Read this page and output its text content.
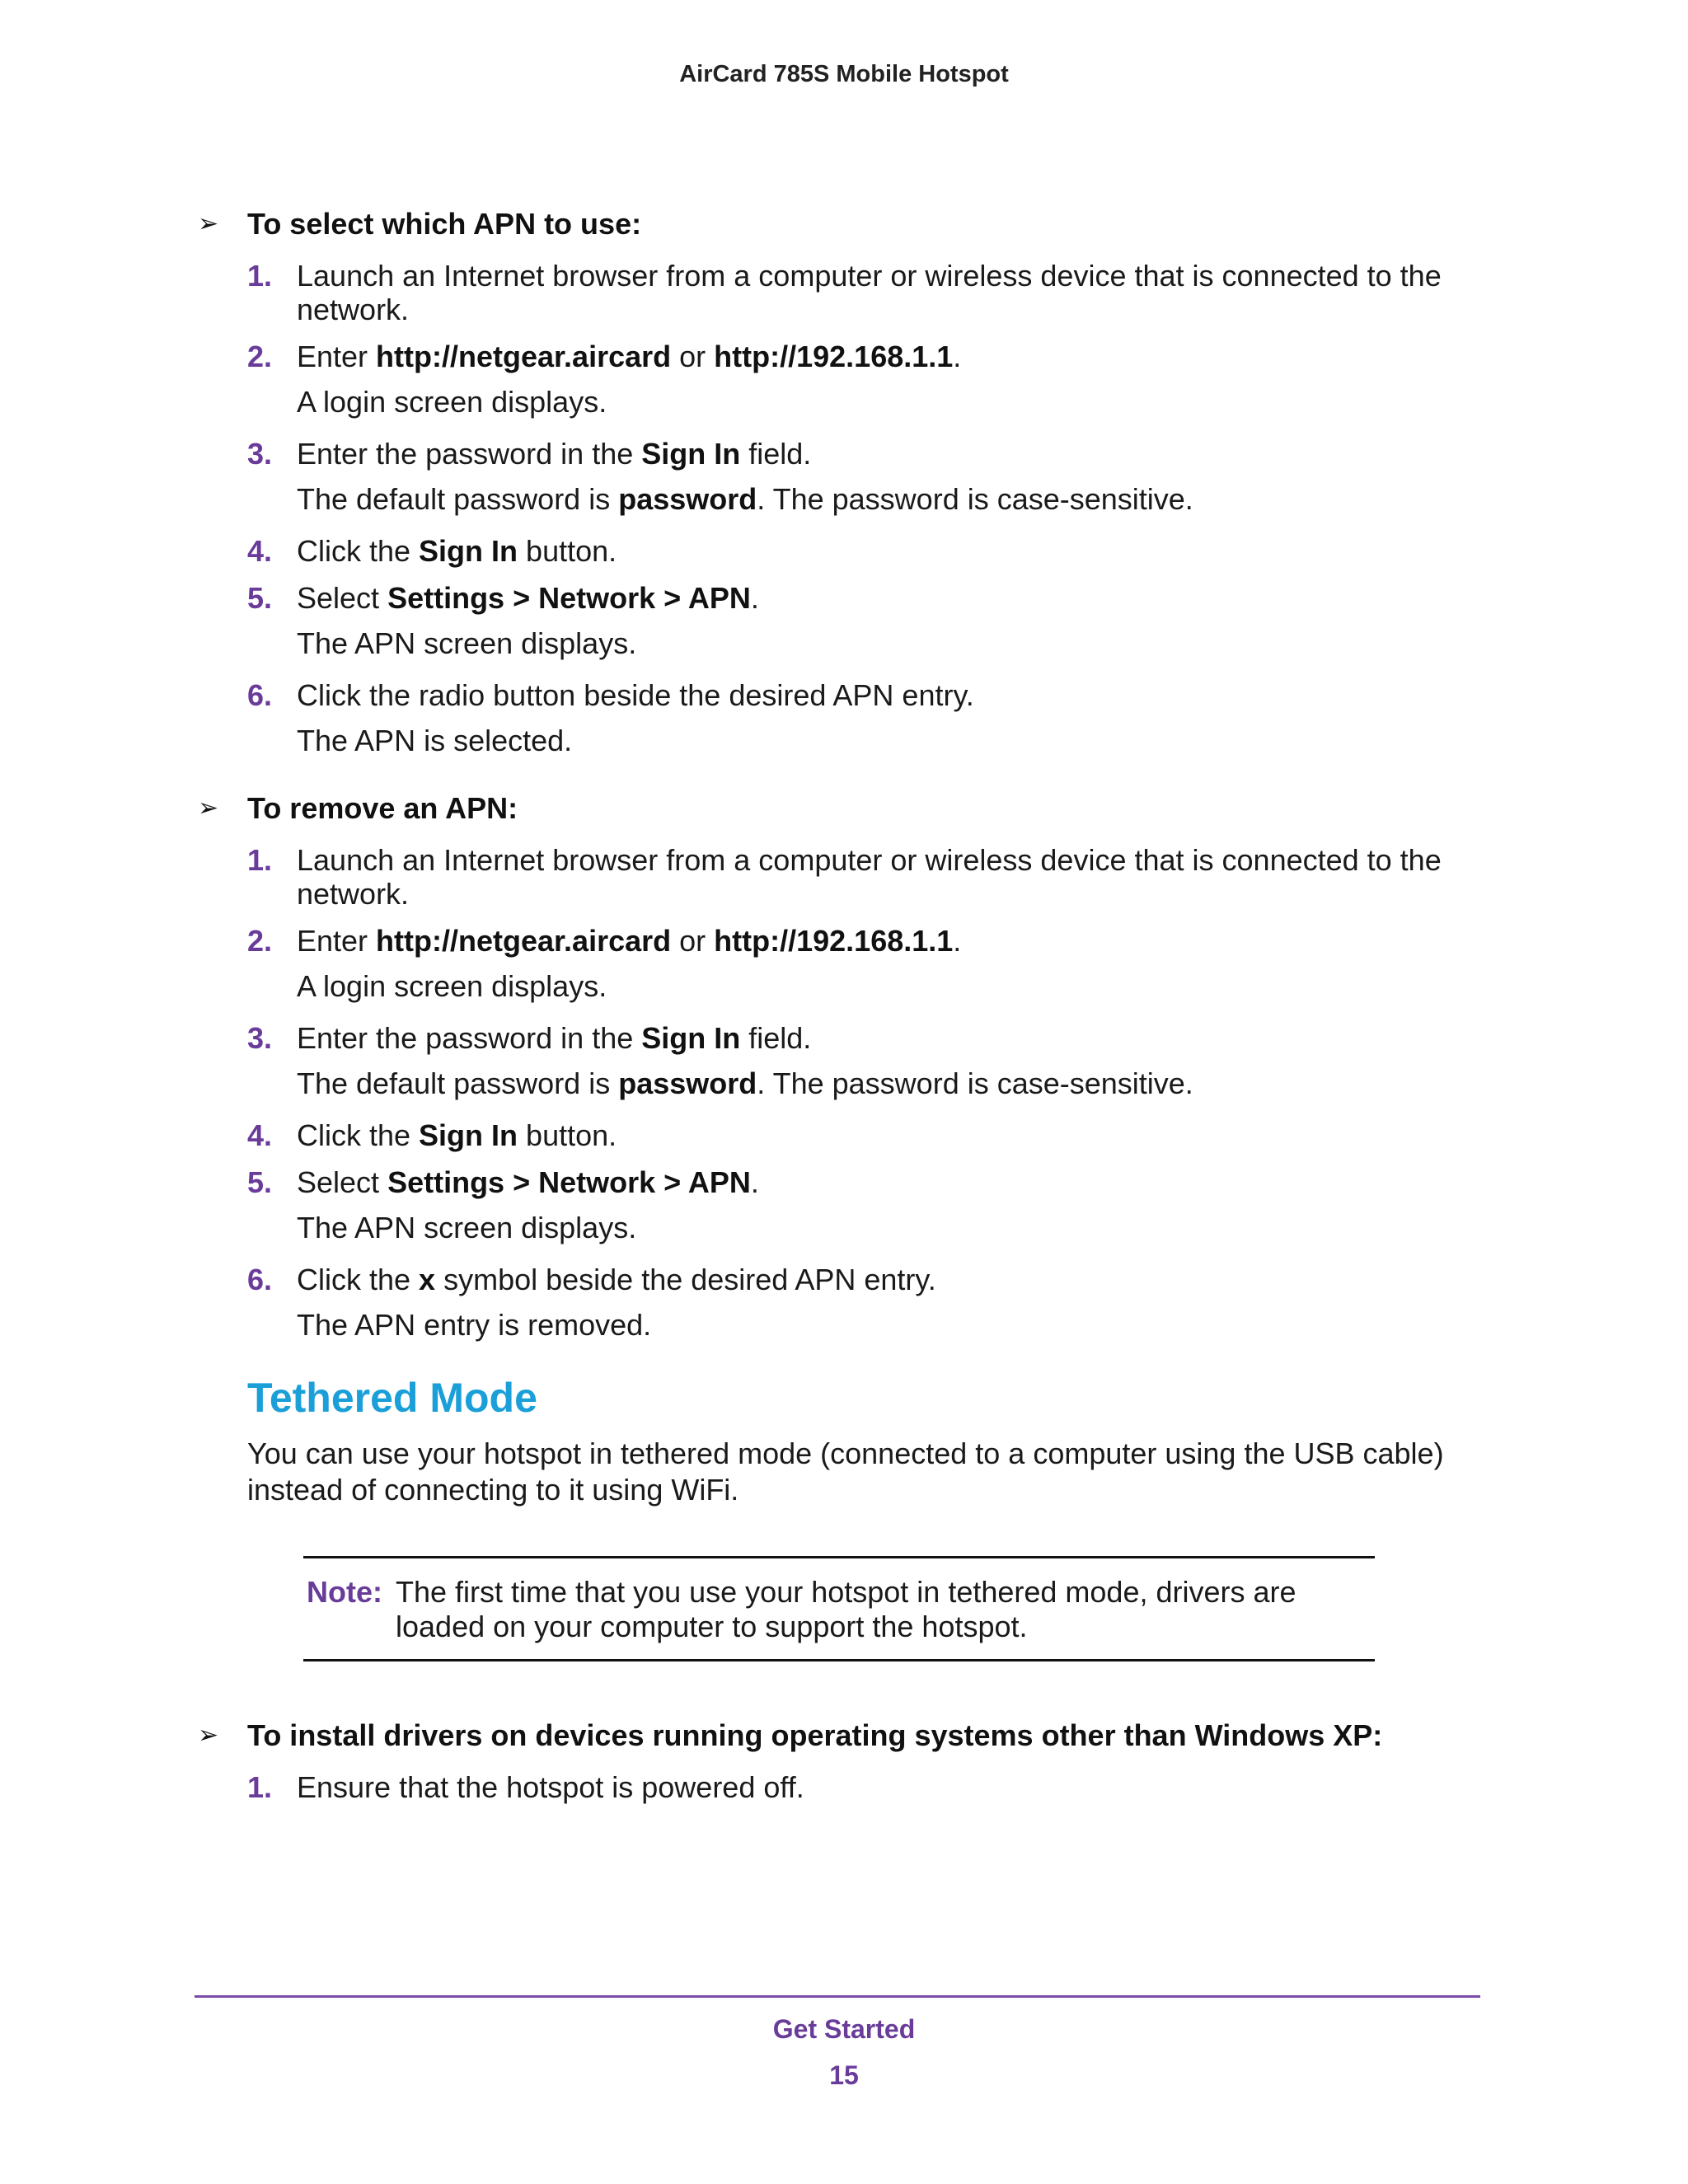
AirCard 785S Mobile Hotspot
➢ To select which APN to use:
1. Launch an Internet browser from a computer or wireless device that is connected to the network.
2. Enter http://netgear.aircard or http://192.168.1.1.
A login screen displays.
3. Enter the password in the Sign In field.
The default password is password. The password is case-sensitive.
4. Click the Sign In button.
5. Select Settings > Network > APN.
The APN screen displays.
6. Click the radio button beside the desired APN entry.
The APN is selected.
➢ To remove an APN:
1. Launch an Internet browser from a computer or wireless device that is connected to the network.
2. Enter http://netgear.aircard or http://192.168.1.1.
A login screen displays.
3. Enter the password in the Sign In field.
The default password is password. The password is case-sensitive.
4. Click the Sign In button.
5. Select Settings > Network > APN.
The APN screen displays.
6. Click the x symbol beside the desired APN entry.
The APN entry is removed.
Tethered Mode
You can use your hotspot in tethered mode (connected to a computer using the USB cable) instead of connecting to it using WiFi.
Note: The first time that you use your hotspot in tethered mode, drivers are loaded on your computer to support the hotspot.
➢ To install drivers on devices running operating systems other than Windows XP:
1. Ensure that the hotspot is powered off.
Get Started
15
